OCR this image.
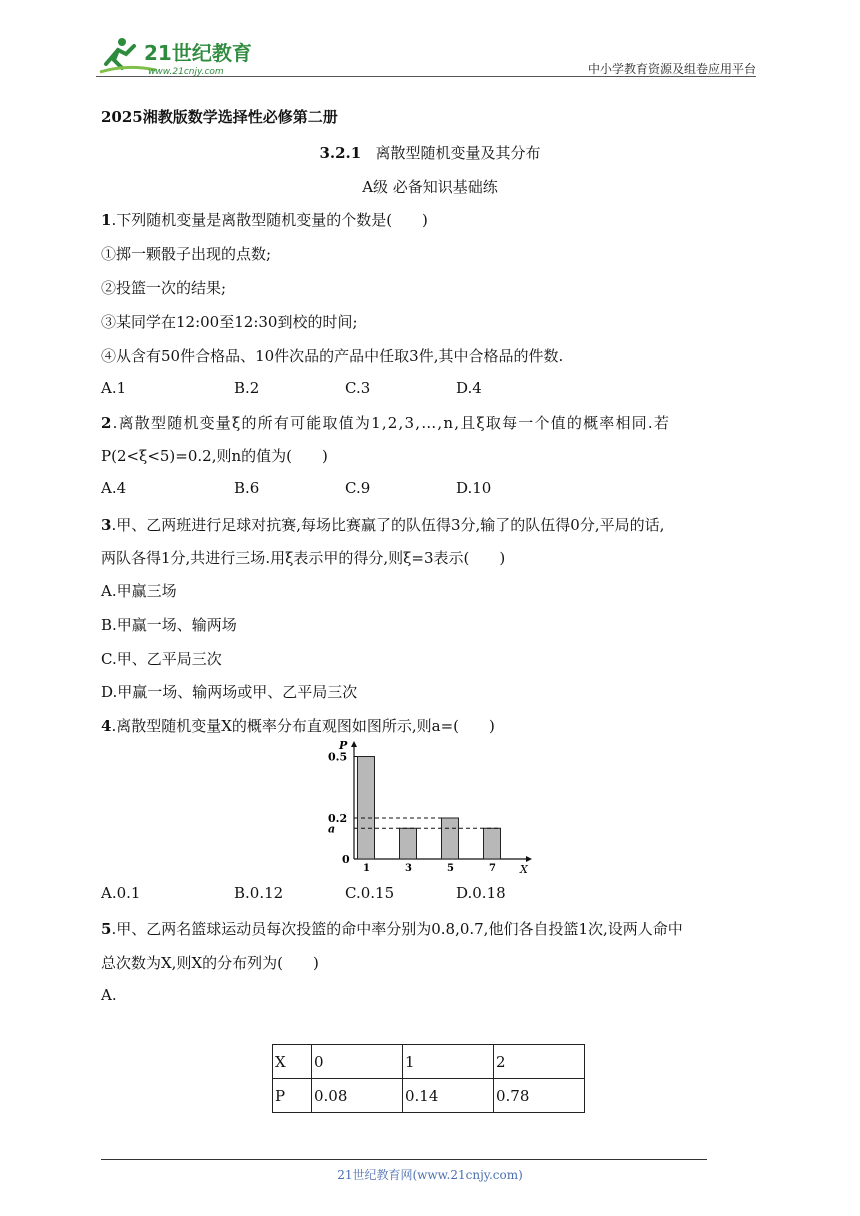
21世纪教育
www.21cnjy.com	中小学教育资源及组卷应用平台
2025湘教版数学选择性必修第二册
3.2.1 离散型随机变量及其分布
A级 必备知识基础练
1.下列随机变量是离散型随机变量的个数是(　　)
①掷一颗骰子出现的点数;
②投篮一次的结果;
③某同学在12:00至12:30到校的时间;
④从含有50件合格品、10件次品的产品中任取3件,其中合格品的件数.
A.1	B.2	C.3	D.4
2.离散型随机变量ξ的所有可能取值为1,2,3,…,n,且ξ取每一个值的概率相同.若
P(2<ξ<5)=0.2,则n的值为(　　)
A.4	B.6	C.9	D.10
3.甲、乙两班进行足球对抗赛,每场比赛赢了的队伍得3分,输了的队伍得0分,平局的话,
两队各得1分,共进行三场.用ξ表示甲的得分,则ξ=3表示(　　)
A.甲赢三场
B.甲赢一场、输两场
C.甲、乙平局三次
D.甲赢一场、输两场或甲、乙平局三次
4.离散型随机变量X的概率分布直观图如图所示,则a=(　　)
P
X
0.5
0.2
a
0
1	3	5	7
A.0.1	B.0.12	C.0.15	D.0.18
5.甲、乙两名篮球运动员每次投篮的命中率分别为0.8,0.7,他们各自投篮1次,设两人命中
总次数为X,则X的分布列为(　　)
A.
X	0	1	2
P	0.08	0.14	0.78
21世纪教育网(www.21cnjy.com)
